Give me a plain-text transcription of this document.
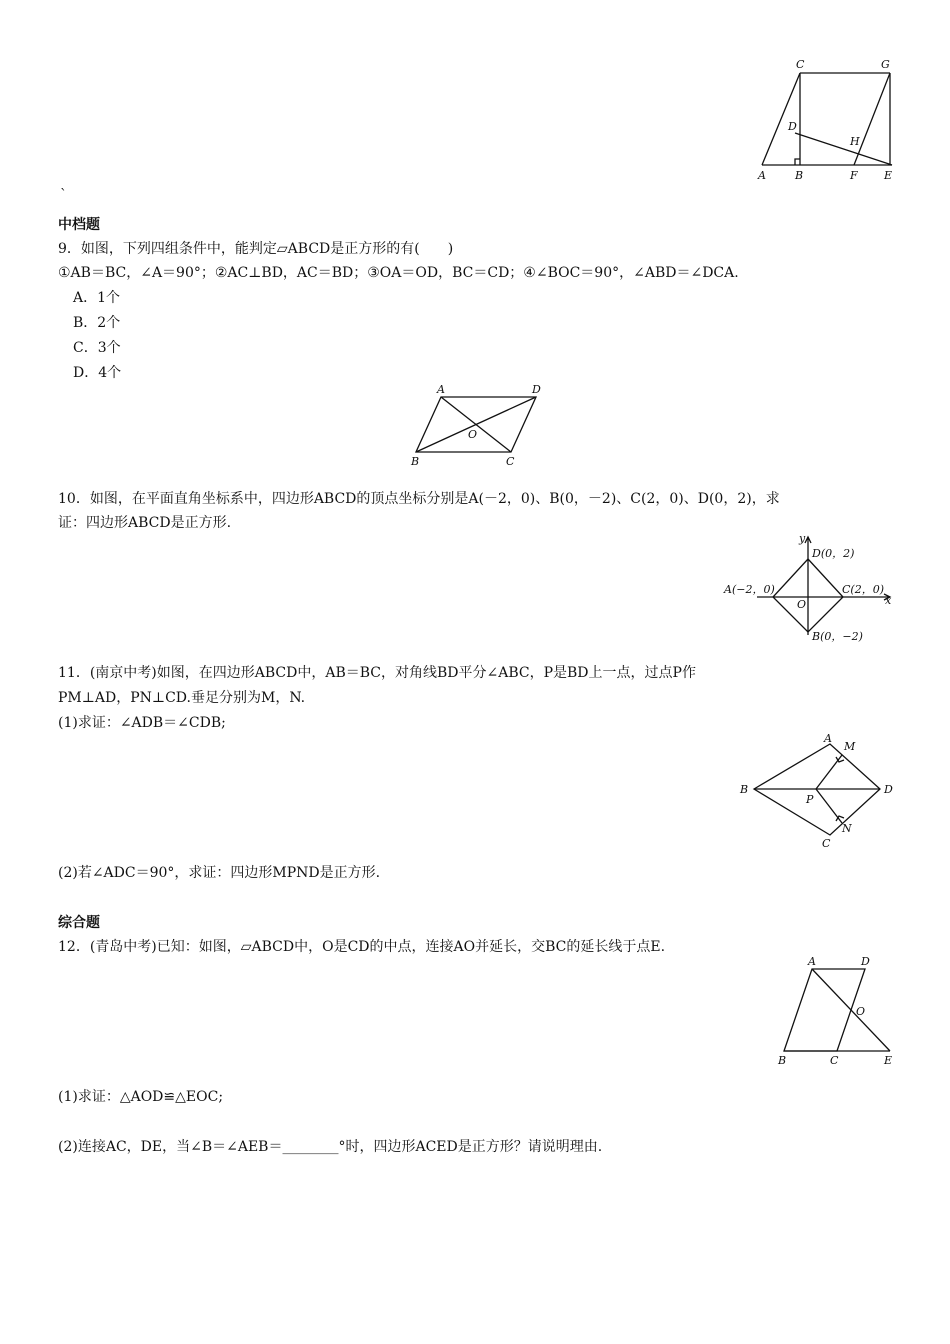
C	G
D
H
A	B	F E
`
中档题
9．如图，下列四组条件中，能判定▱ABCD是正方形的有(　　)
①AB＝BC，∠A＝90°；②AC⊥BD，AC＝BD；③OA＝OD，BC＝CD；④∠BOC＝90°，∠ABD＝∠DCA.
A．1个
B．2个
C．3个
D．4个
A	D
O
B	C
10．如图，在平面直角坐标系中，四边形ABCD的顶点坐标分别是A(－2，0)、B(0，－2)、C(2，0)、D(0，2)，求
证：四边形ABCD是正方形.
y
x
D(0，2)
A(−2，0)	C(2，0)
O
B(0，−2)
11．(南京中考)如图，在四边形ABCD中，AB＝BC，对角线BD平分∠ABC，P是BD上一点，过点P作
PM⊥AD，PN⊥CD.垂足分别为M，N.
(1)求证：∠ADB＝∠CDB;
A
M
B
P
D
N
C
(2)若∠ADC＝90°，求证：四边形MPND是正方形.
综合题
12．(青岛中考)已知：如图，▱ABCD中，O是CD的中点，连接AO并延长，交BC的延长线于点E.
A	D
O
B	C	E
(1)求证：△AOD≌△EOC;
(2)连接AC，DE，当∠B＝∠AEB＝________°时，四边形ACED是正方形？请说明理由.
